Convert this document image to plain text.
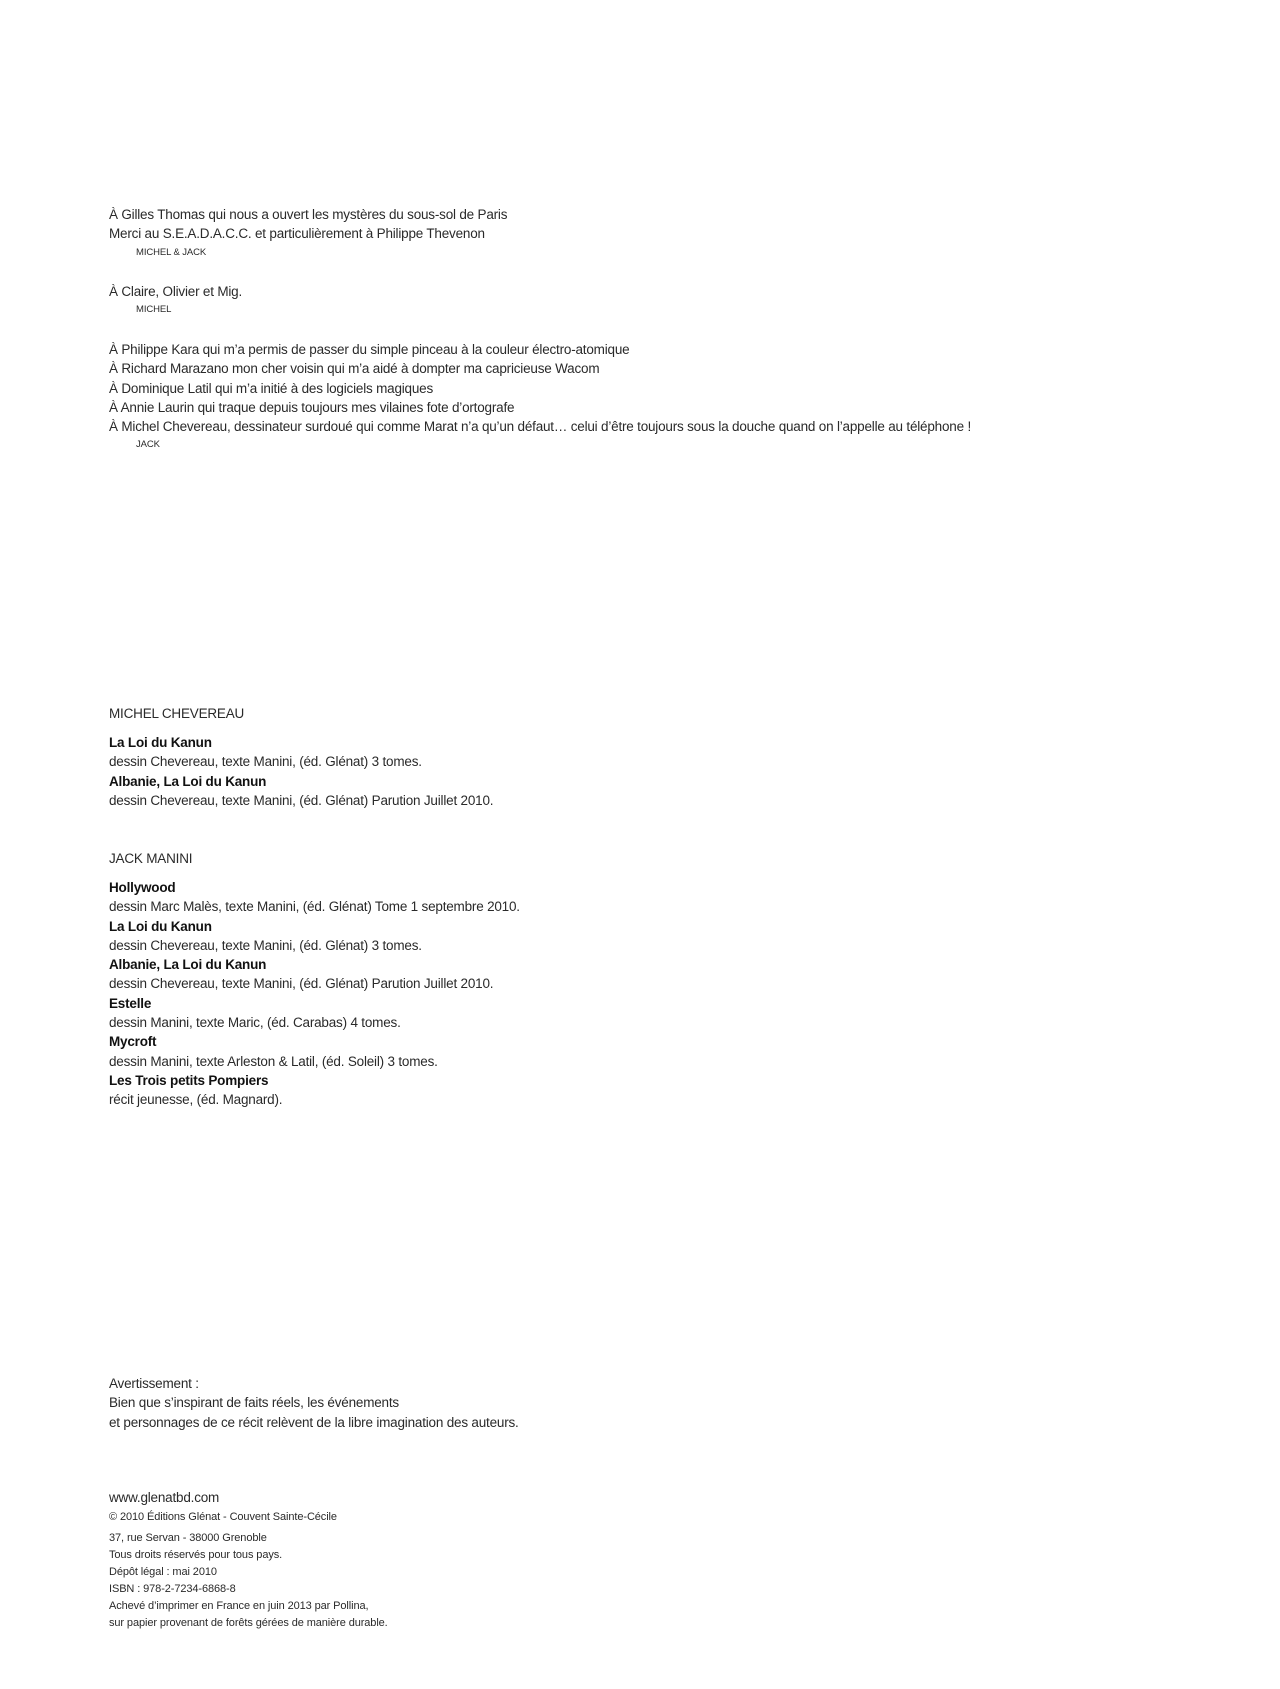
À Gilles Thomas qui nous a ouvert les mystères du sous-sol de Paris
Merci au S.E.A.D.A.C.C. et particulièrement à Philippe Thevenon
MICHEL & JACK
À Claire, Olivier et Mig.
MICHEL
À Philippe Kara qui m’a permis de passer du simple pinceau à la couleur électro-atomique
À Richard Marazano mon cher voisin qui m’a aidé à dompter ma capricieuse Wacom
À Dominique Latil qui m’a initié à des logiciels magiques
À Annie Laurin qui traque depuis toujours mes vilaines fote d’ortografe
À Michel Chevereau, dessinateur surdoué qui comme Marat n’a qu’un défaut… celui d’être toujours sous la douche quand on l’appelle au téléphone !
JACK
MICHEL CHEVEREAU
La Loi du Kanun
dessin Chevereau, texte Manini, (éd. Glénat) 3 tomes.
Albanie, La Loi du Kanun
dessin Chevereau, texte Manini, (éd. Glénat) Parution Juillet 2010.
JACK MANINI
Hollywood
dessin Marc Malès, texte Manini, (éd. Glénat) Tome 1 septembre 2010.
La Loi du Kanun
dessin Chevereau, texte Manini, (éd. Glénat) 3 tomes.
Albanie, La Loi du Kanun
dessin Chevereau, texte Manini, (éd. Glénat) Parution Juillet 2010.
Estelle
dessin Manini, texte Maric, (éd. Carabas) 4 tomes.
Mycroft
dessin Manini, texte Arleston & Latil, (éd. Soleil) 3 tomes.
Les Trois petits Pompiers
récit jeunesse, (éd. Magnard).
Avertissement :
Bien que s’inspirant de faits réels, les événements
et personnages de ce récit relèvent de la libre imagination des auteurs.
www.glenatbd.com
© 2010 Éditions Glénat - Couvent Sainte-Cécile
37, rue Servan - 38000 Grenoble
Tous droits réservés pour tous pays.
Dépôt légal : mai 2010
ISBN : 978-2-7234-6868-8
Achevé d’imprimer en France en juin 2013 par Pollina,
sur papier provenant de forêts gérées de manière durable.
